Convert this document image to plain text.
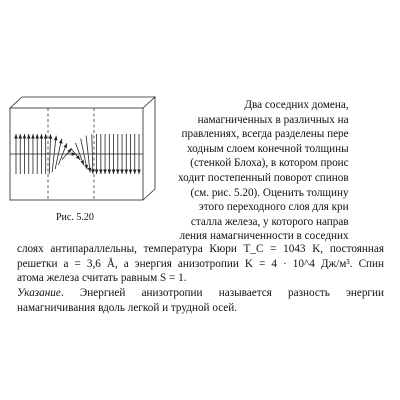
Рис. 5.20
Два соседних домена,
намагниченных в различных на
правлениях, всегда разделены пере
ходным слоем конечной толщины
(стенкой Блоха), в котором проис
ходит постепенный поворот спинов
(см. рис. 5.20). Оценить толщину
этого переходного слоя для кри
сталла железа, у которого направ
ления намагниченности в соседних
слоях антипараллельны, температура Кюри T_C = 1043 K, постоянная
решетки a = 3,6 Å, а энергия анизотропии K = 4 · 10^4 Дж/м³. Спин
атома железа считать равным S = 1.
Указание. Энергией анизотропии называется разность энергии
намагничивания вдоль легкой и трудной осей.
